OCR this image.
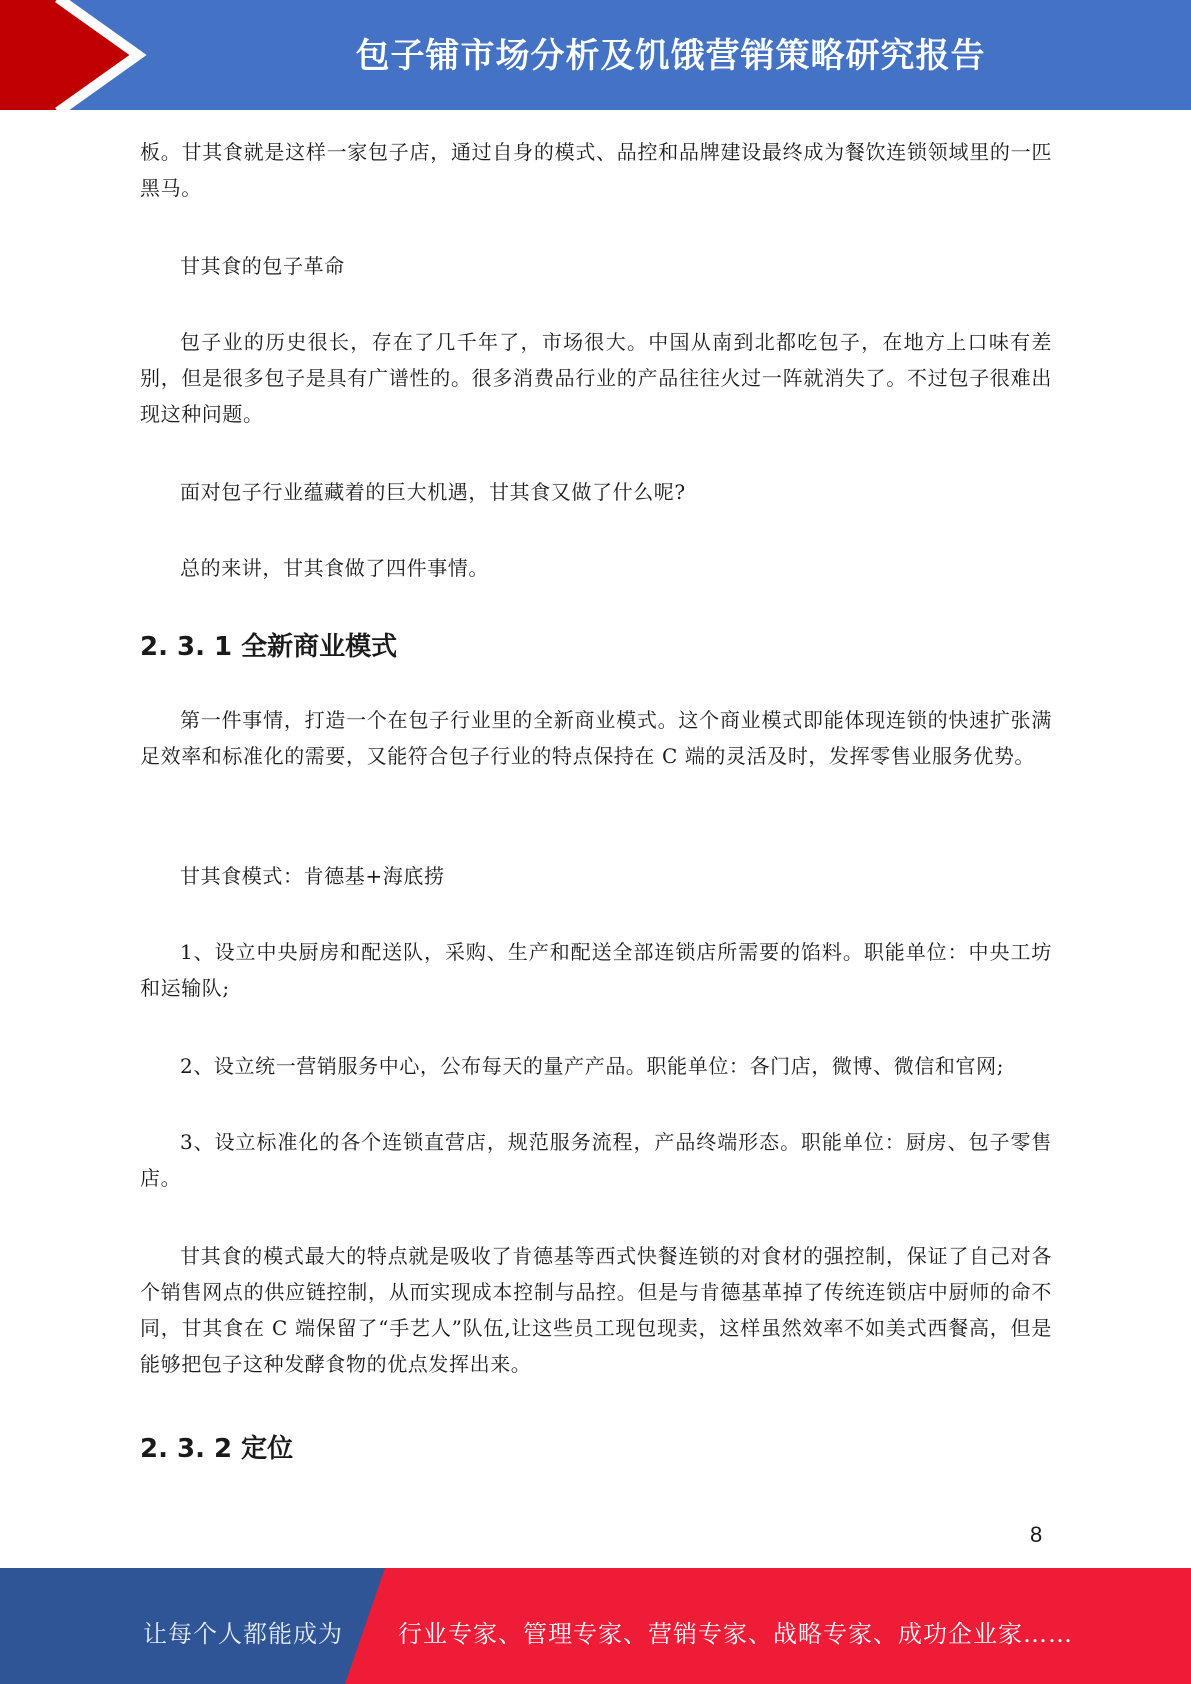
包子铺市场分析及饥饿营销策略研究报告

板。甘其食就是这样一家包子店，通过自身的模式、品控和品牌建设最终成为餐饮连锁领域里的一匹黑马。

甘其食的包子革命

包子业的历史很长，存在了几千年了，市场很大。中国从南到北都吃包子，在地方上口味有差别，但是很多包子是具有广谱性的。很多消费品行业的产品往往火过一阵就消失了。不过包子很难出现这种问题。

面对包子行业蕴藏着的巨大机遇，甘其食又做了什么呢?

总的来讲，甘其食做了四件事情。

2. 3. 1 全新商业模式

第一件事情，打造一个在包子行业里的全新商业模式。这个商业模式即能体现连锁的快速扩张满足效率和标准化的需要，又能符合包子行业的特点保持在 C 端的灵活及时，发挥零售业服务优势。

甘其食模式：肯德基+海底捞

1、设立中央厨房和配送队，采购、生产和配送全部连锁店所需要的馅料。职能单位：中央工坊和运输队;

2、设立统一营销服务中心，公布每天的量产产品。职能单位：各门店，微博、微信和官网;

3、设立标准化的各个连锁直营店，规范服务流程，产品终端形态。职能单位：厨房、包子零售店。

甘其食的模式最大的特点就是吸收了肯德基等西式快餐连锁的对食材的强控制，保证了自己对各个销售网点的供应链控制，从而实现成本控制与品控。但是与肯德基革掉了传统连锁店中厨师的命不同，甘其食在 C 端保留了“手艺人”队伍,让这些员工现包现卖，这样虽然效率不如美式西餐高，但是能够把包子这种发酵食物的优点发挥出来。

2. 3. 2 定位
8
让每个人都能成为 行业专家、管理专家、营销专家、战略专家、成功企业家……
